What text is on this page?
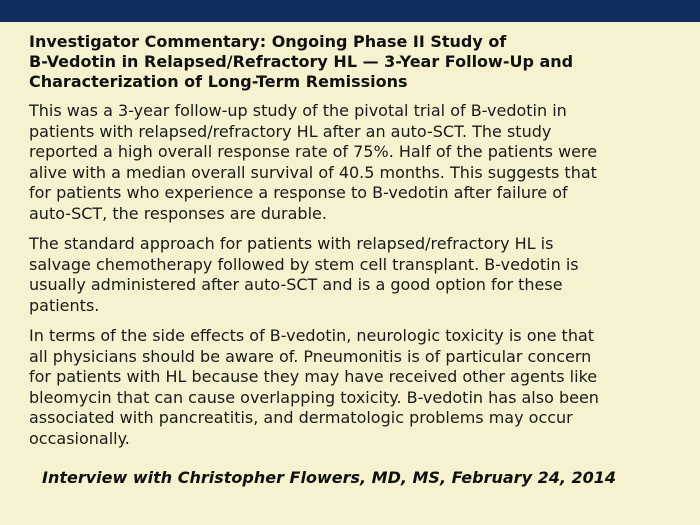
Investigator Commentary: Ongoing Phase II Study of
B-Vedotin in Relapsed/Refractory HL — 3-Year Follow-Up and
Characterization of Long-Term Remissions

This was a 3-year follow-up study of the pivotal trial of B-vedotin in
patients with relapsed/refractory HL after an auto-SCT. The study
reported a high overall response rate of 75%. Half of the patients were
alive with a median overall survival of 40.5 months. This suggests that
for patients who experience a response to B-vedotin after failure of
auto-SCT, the responses are durable.

The standard approach for patients with relapsed/refractory HL is
salvage chemotherapy followed by stem cell transplant. B-vedotin is
usually administered after auto-SCT and is a good option for these
patients.

In terms of the side effects of B-vedotin, neurologic toxicity is one that
all physicians should be aware of. Pneumonitis is of particular concern
for patients with HL because they may have received other agents like
bleomycin that can cause overlapping toxicity. B-vedotin has also been
associated with pancreatitis, and dermatologic problems may occur
occasionally.

Interview with Christopher Flowers, MD, MS, February 24, 2014
